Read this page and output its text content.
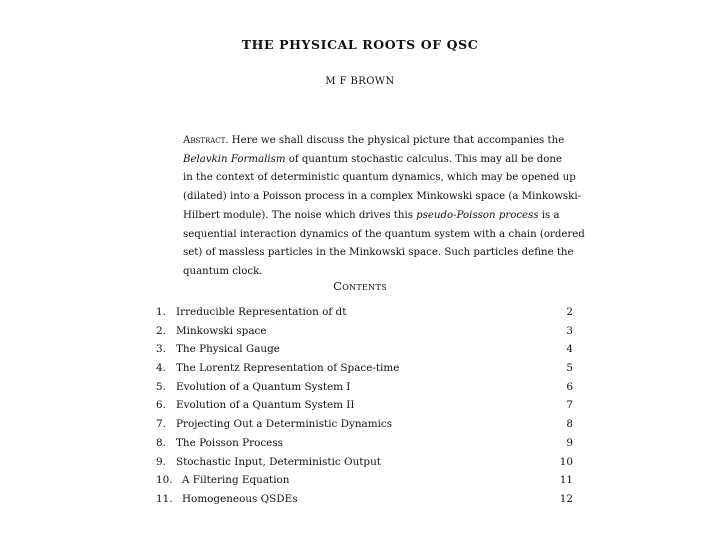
THE PHYSICAL ROOTS OF QSC
M F BROWN
Abstract. Here we shall discuss the physical picture that accompanies the
Belavkin Formalism of quantum stochastic calculus. This may all be done
in the context of deterministic quantum dynamics, which may be opened up
(dilated) into a Poisson process in a complex Minkowski space (a Minkowski-
Hilbert module). The noise which drives this pseudo-Poisson process is a
sequential interaction dynamics of the quantum system with a chain (ordered
set) of massless particles in the Minkowski space. Such particles define the
quantum clock.
Contents
1. Irreducible Representation of dt	2
2. Minkowski space	3
3. The Physical Gauge	4
4. The Lorentz Representation of Space-time	5
5. Evolution of a Quantum System I	6
6. Evolution of a Quantum System II	7
7. Projecting Out a Deterministic Dynamics	8
8. The Poisson Process	9
9. Stochastic Input, Deterministic Output	10
10. A Filtering Equation	11
11. Homogeneous QSDEs	12
